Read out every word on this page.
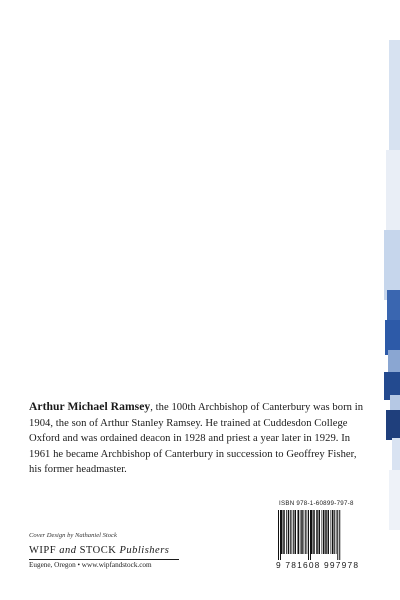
Arthur Michael Ramsey, the 100th Archbishop of Canterbury was born in 1904, the son of Arthur Stanley Ramsey. He trained at Cuddesdon College Oxford and was ordained deacon in 1928 and priest a year later in 1929. In 1961 he became Archbishop of Canterbury in succession to Geoffrey Fisher, his former headmaster.
ISBN 978-1-60899-797-8
9 781608 997978
Cover Design by Nathaniel Stock
WIPF and STOCK Publishers
Eugene, Oregon • www.wipfandstock.com
